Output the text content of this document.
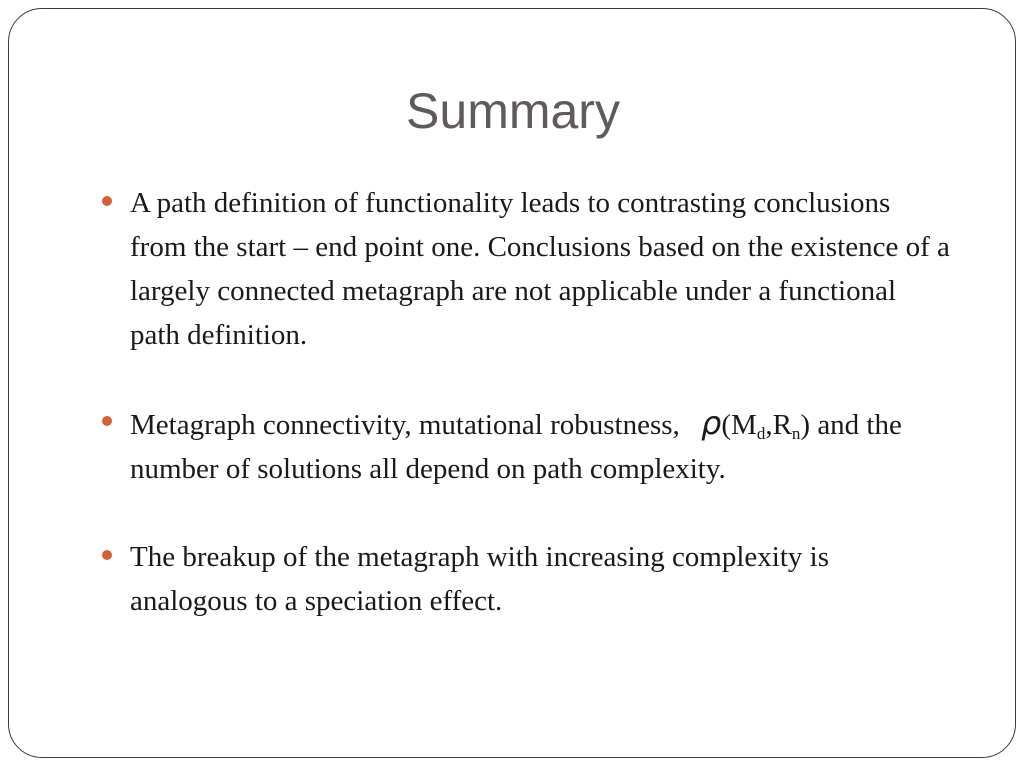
Summary
A path definition of functionality leads to contrasting conclusions from the start – end point one. Conclusions based on the existence of a largely connected metagraph are not applicable under a functional path definition.
Metagraph connectivity, mutational robustness, $\rho(M_d,R_n)$ and the number of solutions all depend on path complexity.
The breakup of the metagraph with increasing complexity is analogous to a speciation effect.
